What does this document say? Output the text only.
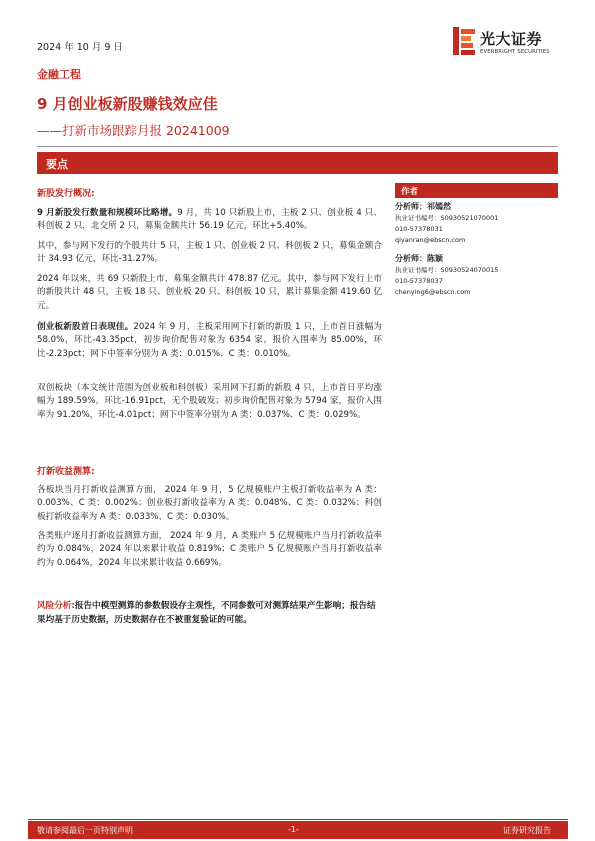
2024 年 10 月 9 日	光大证券
EVERBRIGHT SECURITIES
金融工程
9 月创业板新股赚钱效应佳
——打新市场跟踪月报 20241009
要点
新股发行概况:
9 月新股发行数量和规模环比略增。9 月，共 10 只新股上市，主板 2 只、创业板 4 只、科创板 2 只，北交所 2 只，募集金额共计 56.19 亿元，环比+5.40%。
其中，参与网下发行的个股共计 5 只，主板 1 只、创业板 2 只、科创板 2 只，募集金额合计 34.93 亿元，环比-31.27%。
2024 年以来，共 69 只新股上市，募集金额共计 478.87 亿元。其中，参与网下发行上市的新股共计 48 只，主板 18 只、创业板 20 只、科创板 10 只，累计募集金额 419.60 亿元。
创业板新股首日表现佳。2024 年 9 月，主板采用网下打新的新股 1 只，上市首日涨幅为 58.0%，环比-43.35pct，初步询价配售对象为 6354 家，报价入围率为 85.00%，环比-2.23pct；网下中签率分别为 A 类：0.015%、C 类：0.010%。
双创板块（本文统计范围为创业板和科创板）采用网下打新的新股 4 只，上市首日平均涨幅为 189.59%，环比-16.91pct，无个股破发；初步询价配售对象为 5794 家，报价入围率为 91.20%，环比-4.01pct；网下中签率分别为 A 类：0.037%、C 类：0.029%。
打新收益测算:
各板块当月打新收益测算方面， 2024 年 9 月，5 亿规模账户主板打新收益率为 A 类：0.003%、C 类：0.002%；创业板打新收益率为 A 类：0.048%、C 类：0.032%；科创板打新收益率为 A 类：0.033%、C 类：0.030%。
各类账户逐月打新收益测算方面， 2024 年 9 月，A 类账户 5 亿规模账户当月打新收益率约为 0.084%，2024 年以来累计收益 0.819%；C 类账户 5 亿规模账户当月打新收益率约为 0.064%，2024 年以来累计收益 0.669%。
风险分析:报告中模型测算的参数假设存主观性，不同参数可对测算结果产生影响；报告结果均基于历史数据，历史数据存在不被重复验证的可能。
作者
分析师：祁嫣然
执业证书编号：S0930521070001
010-57378031
qiyanran@ebscn.com
分析师：陈颖
执业证书编号：S0930524070015
010-57378037
chenying6@ebscn.com
敬请参阅最后一页特别声明	-1-	证券研究报告
